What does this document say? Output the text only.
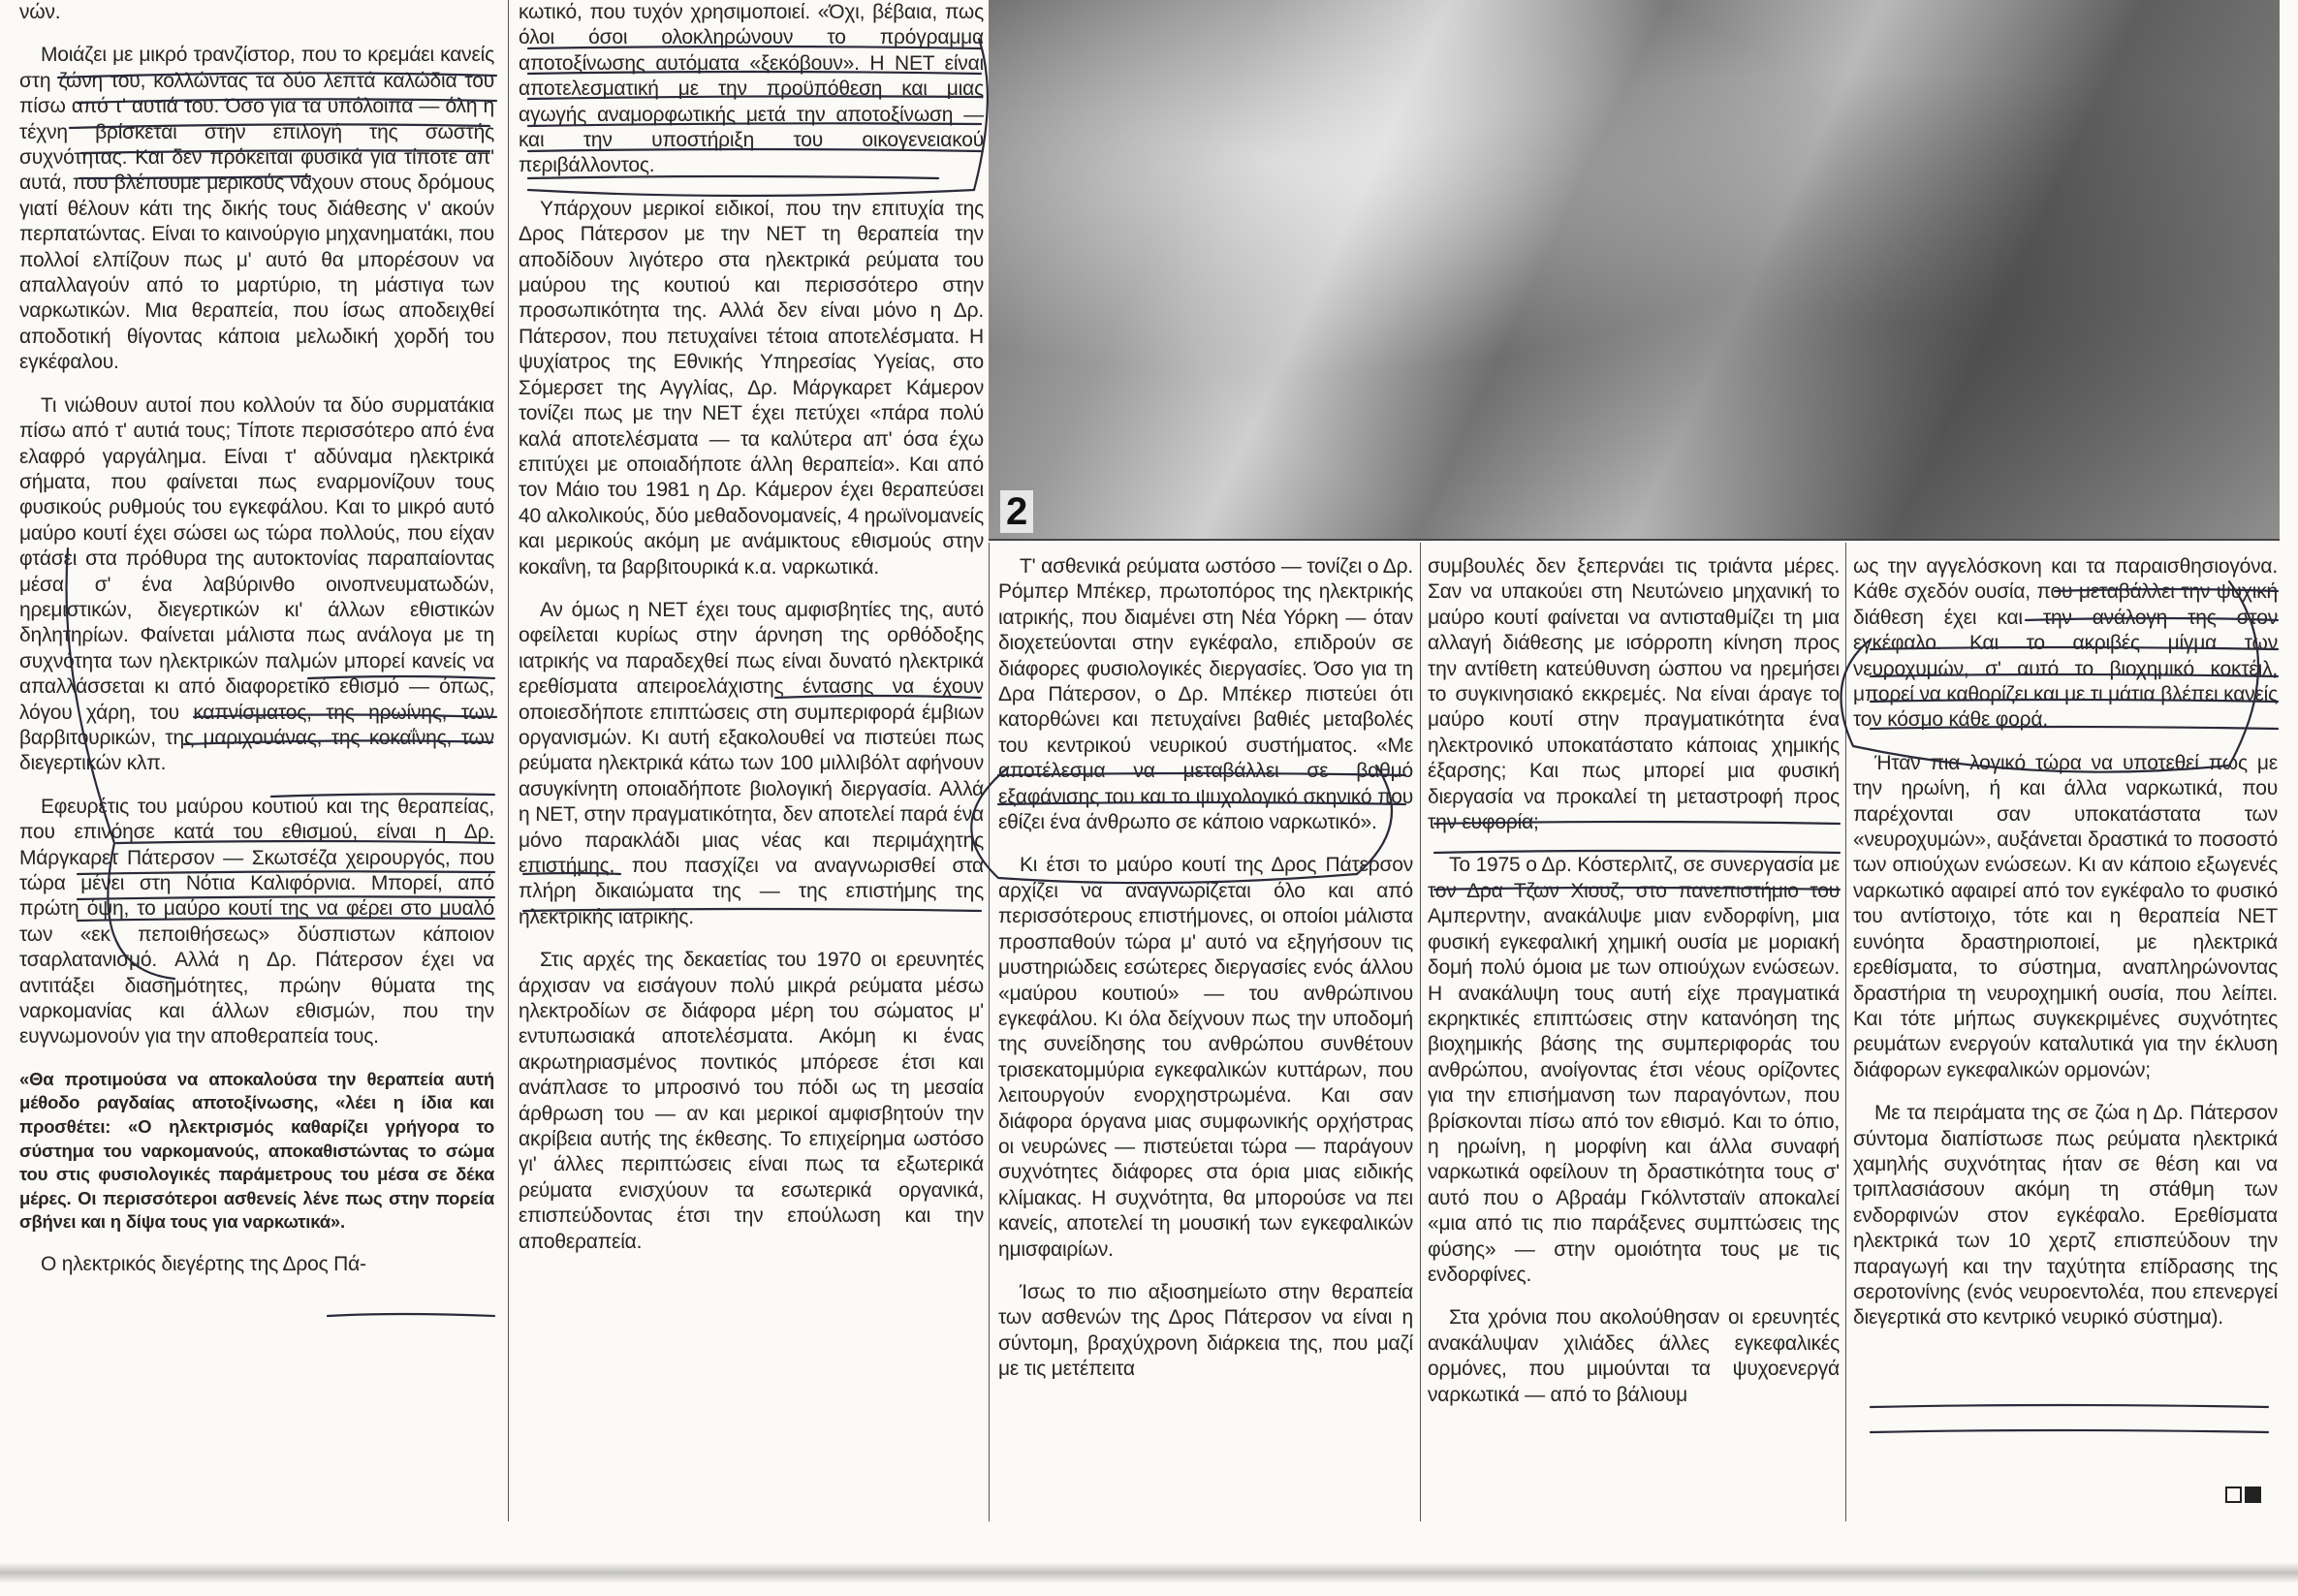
2

νών.

Μοιάζει με μικρό τρανζίστορ, που το κρεμάει κανείς στη ζώνη του, κολλώντας τα δύο λεπτά καλώδια του πίσω από τ' αυτιά του. Όσο για τα υπόλοιπα — όλη η τέχνη βρίσκεται στην επιλογή της σωστής συχνότητας. Και δεν πρόκειται φυσικά για τίποτε απ' αυτά, που βλέπουμε μερικούς νάχουν στους δρόμους γιατί θέλουν κάτι της δικής τους διάθεσης ν' ακούν περπατώντας. Είναι το καινούργιο μηχανηματάκι, που πολλοί ελπίζουν πως μ' αυτό θα μπορέσουν να απαλλαγούν από το μαρτύριο, τη μάστιγα των ναρκωτικών. Μια θεραπεία, που ίσως αποδειχθεί αποδοτική θίγοντας κάποια μελωδική χορδή του εγκέφαλου.

Τι νιώθουν αυτοί που κολλούν τα δύο συρματάκια πίσω από τ' αυτιά τους; Τίποτε περισσότερο από ένα ελαφρό γαργάλημα. Είναι τ' αδύναμα ηλεκτρικά σήματα, που φαίνεται πως εναρμονίζουν τους φυσικούς ρυθμούς του εγκεφάλου. Και το μικρό αυτό μαύρο κουτί έχει σώσει ως τώρα πολλούς, που είχαν φτάσει στα πρόθυρα της αυτοκτονίας παραπαίοντας μέσα σ' ένα λαβύρινθο οινοπνευματωδών, ηρεμιστικών, διεγερτικών κι' άλλων εθιστικών δηλητηρίων. Φαίνεται μάλιστα πως ανάλογα με τη συχνότητα των ηλεκτρικών παλμών μπορεί κανείς να απαλλάσσεται κι από διαφορετικό εθισμό — όπως, λόγου χάρη, του καπνίσματος, της ηρωίνης, των βαρβιτουρικών, της μαριχουάνας, της κοκαΐνης, των διεγερτικών κλπ.

Εφευρέτις του μαύρου κουτιού και της θεραπείας, που επινόησε κατά του εθισμού, είναι η Δρ. Μάργκαρετ Πάτερσον — Σκωτσέζα χειρουργός, που τώρα μένει στη Νότια Καλιφόρνια. Μπορεί, από πρώτη όψη, το μαύρο κουτί της να φέρει στο μυαλό των «εκ πεποιθήσεως» δύσπιστων κάποιον τσαρλατανισμό. Αλλά η Δρ. Πάτερσον έχει να αντιτάξει διασημότητες, πρώην θύματα της ναρκομανίας και άλλων εθισμών, που την ευγνωμονούν για την αποθεραπεία τους.

«Θα προτιμούσα να αποκαλούσα την θεραπεία αυτή μέθοδο ραγδαίας αποτοξίνωσης, «λέει η ίδια και προσθέτει: «Ο ηλεκτρισμός καθαρίζει γρήγορα το σύστημα του ναρκομανούς, αποκαθιστώντας το σώμα του στις φυσιολογικές παράμετρους του μέσα σε δέκα μέρες. Οι περισσότεροι ασθενείς λένε πως στην πορεία σβήνει και η δίψα τους για ναρκωτικά».

Ο ηλεκτρικός διεγέρτης της Δρος Πά-

κωτικό, που τυχόν χρησιμοποιεί. «Όχι, βέβαια, πως όλοι όσοι ολοκληρώνουν το πρόγραμμα αποτοξίνωσης αυτόματα «ξεκόβουν». Η ΝΕΤ είναι αποτελεσματική με την προϋπόθεση και μιας αγωγής αναμορφωτικής μετά την αποτοξίνωση — και την υποστήριξη του οικογενειακού περιβάλλοντος.

Υπάρχουν μερικοί ειδικοί, που την επιτυχία της Δρος Πάτερσον με την ΝΕΤ τη θεραπεία την αποδίδουν λιγότερο στα ηλεκτρικά ρεύματα του μαύρου της κουτιού και περισσότερο στην προσωπικότητα της. Αλλά δεν είναι μόνο η Δρ. Πάτερσον, που πετυχαίνει τέτοια αποτελέσματα. Η ψυχίατρος της Εθνικής Υπηρεσίας Υγείας, στο Σόμερσετ της Αγγλίας, Δρ. Μάργκαρετ Κάμερον τονίζει πως με την ΝΕΤ έχει πετύχει «πάρα πολύ καλά αποτελέσματα — τα καλύτερα απ' όσα έχω επιτύχει με οποιαδήποτε άλλη θεραπεία». Και από τον Μάιο του 1981 η Δρ. Κάμερον έχει θεραπεύσει 40 αλκολικούς, δύο μεθαδονομανείς, 4 ηρωϊνομανείς και μερικούς ακόμη με ανάμικτους εθισμούς στην κοκαΐνη, τα βαρβιτουρικά κ.α. ναρκωτικά.

Αν όμως η ΝΕΤ έχει τους αμφισβητίες της, αυτό οφείλεται κυρίως στην άρνηση της ορθόδοξης ιατρικής να παραδεχθεί πως είναι δυνατό ηλεκτρικά ερεθίσματα απειροελάχιστης έντασης να έχουν οποιεσδήποτε επιπτώσεις στη συμπεριφορά έμβιων οργανισμών. Κι αυτή εξακολουθεί να πιστεύει πως ρεύματα ηλεκτρικά κάτω των 100 μιλλιβόλτ αφήνουν ασυγκίνητη οποιαδήποτε βιολογική διεργασία. Αλλά η ΝΕΤ, στην πραγματικότητα, δεν αποτελεί παρά ένα μόνο παρακλάδι μιας νέας και περιμάχητης επιστήμης, που πασχίζει να αναγνωρισθεί στα πλήρη δικαιώματα της — της επιστήμης της ηλεκτρικής ιατρικής.

Στις αρχές της δεκαετίας του 1970 οι ερευνητές άρχισαν να εισάγουν πολύ μικρά ρεύματα μέσω ηλεκτροδίων σε διάφορα μέρη του σώματος μ' εντυπωσιακά αποτελέσματα. Ακόμη κι ένας ακρωτηριασμένος ποντικός μπόρεσε έτσι και ανάπλασε το μπροσινό του πόδι ως τη μεσαία άρθρωση του — αν και μερικοί αμφισβητούν την ακρίβεια αυτής της έκθεσης. Το επιχείρημα ωστόσο γι' άλλες περιπτώσεις είναι πως τα εξωτερικά ρεύματα ενισχύουν τα εσωτερικά οργανικά, επισπεύδοντας έτσι την επούλωση και την αποθεραπεία.

Τ' ασθενικά ρεύματα ωστόσο — τονίζει ο Δρ. Ρόμπερ Μπέκερ, πρωτοπόρος της ηλεκτρικής ιατρικής, που διαμένει στη Νέα Υόρκη — όταν διοχετεύονται στην εγκέφαλο, επιδρούν σε διάφορες φυσιολογικές διεργασίες. Όσο για τη Δρα Πάτερσον, ο Δρ. Μπέκερ πιστεύει ότι κατορθώνει και πετυχαίνει βαθιές μεταβολές του κεντρικού νευρικού συστήματος. «Με αποτέλεσμα να μεταβάλλει σε βαθμό εξαφάνισης του και το ψυχολογικό σκηνικό που εθίζει ένα άνθρωπο σε κάποιο ναρκωτικό».

Κι έτσι το μαύρο κουτί της Δρος Πάτερσον αρχίζει να αναγνωρίζεται όλο και από περισσότερους επιστήμονες, οι οποίοι μάλιστα προσπαθούν τώρα μ' αυτό να εξηγήσουν τις μυστηριώδεις εσώτερες διεργασίες ενός άλλου «μαύρου κουτιού» — του ανθρώπινου εγκεφάλου. Κι όλα δείχνουν πως την υποδομή της συνείδησης του ανθρώπου συνθέτουν τρισεκατομμύρια εγκεφαλικών κυττάρων, που λειτουργούν ενορχηστρωμένα. Και σαν διάφορα όργανα μιας συμφωνικής ορχήστρας οι νευρώνες — πιστεύεται τώρα — παράγουν συχνότητες διάφορες στα όρια μιας ειδικής κλίμακας. Η συχνότητα, θα μπορούσε να πει κανείς, αποτελεί τη μουσική των εγκεφαλικών ημισφαιρίων.

Ίσως το πιο αξιοσημείωτο στην θεραπεία των ασθενών της Δρος Πάτερσον να είναι η σύντομη, βραχύχρονη διάρκεια της, που μαζί με τις μετέπειτα

συμβουλές δεν ξεπερνάει τις τριάντα μέρες. Σαν να υπακούει στη Νευτώνειο μηχανική το μαύρο κουτί φαίνεται να αντισταθμίζει τη μια αλλαγή διάθεσης με ισόρροπη κίνηση προς την αντίθετη κατεύθυνση ώσπου να ηρεμήσει το συγκινησιακό εκκρεμές. Να είναι άραγε το μαύρο κουτί στην πραγματικότητα ένα ηλεκτρονικό υποκατάστατο κάποιας χημικής έξαρσης; Και πως μπορεί μια φυσική διεργασία να προκαλεί τη μεταστροφή προς την ευφορία;

Το 1975 ο Δρ. Κόστερλιτζ, σε συνεργασία με τον Δρα Τζων Χιουζ, στο πανεπιστήμιο του Αμπερντην, ανακάλυψε μιαν ενδορφίνη, μια φυσική εγκεφαλική χημική ουσία με μοριακή δομή πολύ όμοια με των οπιούχων ενώσεων. Η ανακάλυψη τους αυτή είχε πραγματικά εκρηκτικές επιπτώσεις στην κατανόηση της βιοχημικής βάσης της συμπεριφοράς του ανθρώπου, ανοίγοντας έτσι νέους ορίζοντες για την επισήμανση των παραγόντων, που βρίσκονται πίσω από τον εθισμό. Και το όπιο, η ηρωίνη, η μορφίνη και άλλα συναφή ναρκωτικά οφείλουν τη δραστικότητα τους σ' αυτό που ο Αβραάμ Γκόλντσταϊν αποκαλεί «μια από τις πιο παράξενες συμπτώσεις της φύσης» — στην ομοιότητα τους με τις ενδορφίνες.

Στα χρόνια που ακολούθησαν οι ερευνητές ανακάλυψαν χιλιάδες άλλες εγκεφαλικές ορμόνες, που μιμούνται τα ψυχοενεργά ναρκωτικά — από το βάλιουμ

ως την αγγελόσκονη και τα παραισθησιογόνα. Κάθε σχεδόν ουσία, που μεταβάλλει την ψυχική διάθεση έχει και την ανάλογη της στον εγκέφαλο. Και το ακριβές μίγμα των νευροχυμών, σ' αυτό το βιοχημικό κοκτέιλ, μπορεί να καθορίζει και με τι μάτια βλέπει κανείς τον κόσμο κάθε φορά.

Ήταν πια λογικό τώρα να υποτεθεί πως με την ηρωίνη, ή και άλλα ναρκωτικά, που παρέχονται σαν υποκατάστατα των «νευροχυμών», αυξάνεται δραστικά το ποσοστό των οπιούχων ενώσεων. Κι αν κάποιο εξωγενές ναρκωτικό αφαιρεί από τον εγκέφαλο το φυσικό του αντίστοιχο, τότε και η θεραπεία ΝΕΤ ευνόητα δραστηριοποιεί, με ηλεκτρικά ερεθίσματα, το σύστημα, αναπληρώνοντας δραστήρια τη νευροχημική ουσία, που λείπει. Και τότε μήπως συγκεκριμένες συχνότητες ρευμάτων ενεργούν καταλυτικά για την έκλυση διάφορων εγκεφαλικών ορμονών;

Με τα πειράματα της σε ζώα η Δρ. Πάτερσον σύντομα διαπίστωσε πως ρεύματα ηλεκτρικά χαμηλής συχνότητας ήταν σε θέση και να τριπλασιάσουν ακόμη τη στάθμη των ενδορφινών στον εγκέφαλο. Ερεθίσματα ηλεκτρικά των 10 χερτζ επισπεύδουν την παραγωγή και την ταχύτητα επίδρασης της σεροτονίνης (ενός νευροεντολέα, που επενεργεί διεγερτικά στο κεντρικό νευρικό σύστημα).
